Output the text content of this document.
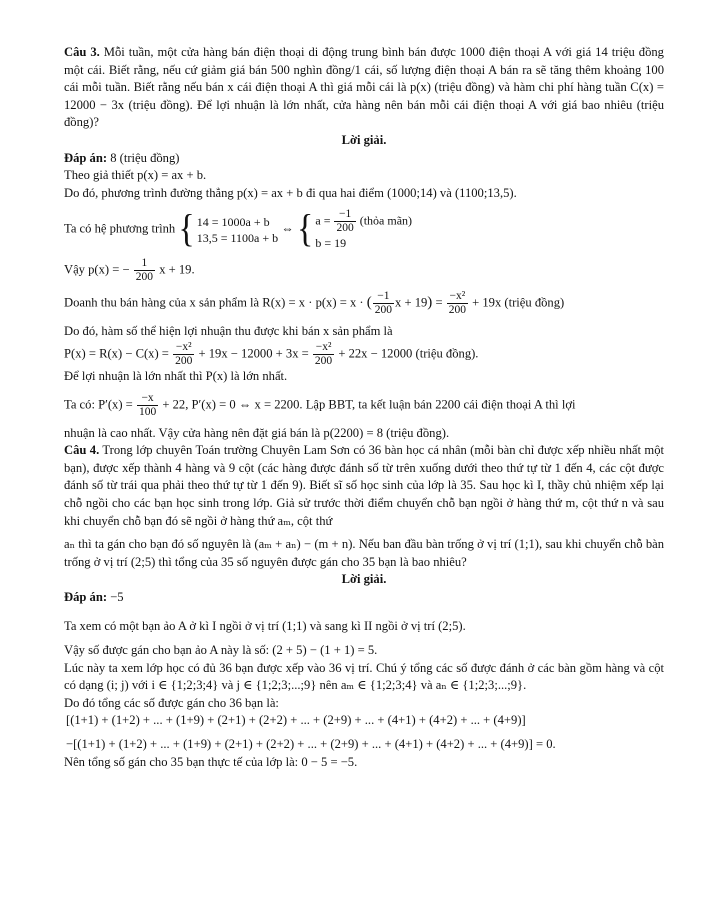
Câu 3. Mỗi tuần, một cửa hàng bán điện thoại di động trung bình bán được 1000 điện thoại A với giá 14 triệu đồng một cái. Biết rằng, nếu cứ giảm giá bán 500 nghìn đồng/1 cái, số lượng điện thoại A bán ra sẽ tăng thêm khoảng 100 cái mỗi tuần. Biết rằng nếu bán x cái điện thoại A thì giá mỗi cái là p(x) (triệu đồng) và hàm chi phí hàng tuần C(x) = 12000 − 3x (triệu đồng). Để lợi nhuận là lớn nhất, cửa hàng nên bán mỗi cái điện thoại A với giá bao nhiêu (triệu đồng)?

Lời giải.

Đáp án: 8 (triệu đồng)

Theo giả thiết p(x) = ax + b.

Do đó, phương trình đường thẳng p(x) = ax + b đi qua hai điểm (1000;14) và (1100;13,5).

Ta có hệ phương trình { 14 = 1000a + b
13,5 = 1100a + b
⇔ { $a = \frac{-1}{200}$ (thỏa mãn)
b = 19

Vậy p(x) = − $\frac{1}{200}$ x + 19.

Doanh thu bán hàng của x sản phẩm là R(x) = x · p(x) = x · ( $\frac{-1}{200}$ $x + 19) = \frac{\text{−x²}}{200} + 19x$ (triệu đồng)

Do đó, hàm số thể hiện lợi nhuận thu được khi bán x sản phẩm là

$P(x) = R(x) - C(x) = \frac{\text{−x²}}{200} + 19x - 12000 + 3x = \frac{\text{−x²}}{200} + 22x - 12000$ (triệu đồng).

Để lợi nhuận là lớn nhất thì P(x) là lớn nhất.

Ta có: $P'(x) = \frac{-x}{100} + 22$, P′(x) = 0 ⇔ x = 2200. Lập BBT, ta kết luận bán 2200 cái điện thoại A thì lợi

nhuận là cao nhất. Vậy cửa hàng nên đặt giá bán là p(2200) = 8 (triệu đồng).

Câu 4. Trong lớp chuyên Toán trường Chuyên Lam Sơn có 36 bàn học cá nhân (mỗi bàn chỉ được xếp nhiều nhất một bạn), được xếp thành 4 hàng và 9 cột (các hàng được đánh số từ trên xuống dưới theo thứ tự từ 1 đến 4, các cột được đánh số từ trái qua phải theo thứ tự từ 1 đến 9). Biết sĩ số học sinh của lớp là 35. Sau học kì I, thầy chủ nhiệm xếp lại chỗ ngồi cho các bạn học sinh trong lớp. Giả sử trước thời điểm chuyển chỗ bạn ngồi ở hàng thứ m, cột thứ n và sau khi chuyển chỗ bạn đó sẽ ngồi ở hàng thứ aₘ, cột thứ

aₙ thì ta gán cho bạn đó số nguyên là (aₘ + aₙ) − (m + n). Nếu ban đầu bàn trống ở vị trí (1;1), sau khi chuyển chỗ bàn trống ở vị trí (2;5) thì tổng của 35 số nguyên được gán cho 35 bạn là bao nhiêu?

Lời giải.

Đáp án: −5

Ta xem có một bạn ảo A ở kì I ngồi ở vị trí (1;1) và sang kì II ngồi ở vị trí (2;5).

Vậy số được gán cho bạn ảo A này là số: (2 + 5) − (1 + 1) = 5.

Lúc này ta xem lớp học có đủ 36 bạn được xếp vào 36 vị trí. Chú ý tổng các số được đánh ở các bàn gồm hàng và cột có dạng (i; j) với i ∈ {1;2;3;4} và j ∈ {1;2;3;...;9} nên aₘ ∈ {1;2;3;4} và aₙ ∈ {1;2;3;...;9}.

Do đó tổng các số được gán cho 36 bạn là:

[(1+1) + (1+2) + ... + (1+9) + (2+1) + (2+2) + ... + (2+9) + ... + (4+1) + (4+2) + ... + (4+9)]

−[(1+1) + (1+2) + ... + (1+9) + (2+1) + (2+2) + ... + (2+9) + ... + (4+1) + (4+2) + ... + (4+9)] = 0.

Nên tổng số gán cho 35 bạn thực tế của lớp là: 0 − 5 = −5.
